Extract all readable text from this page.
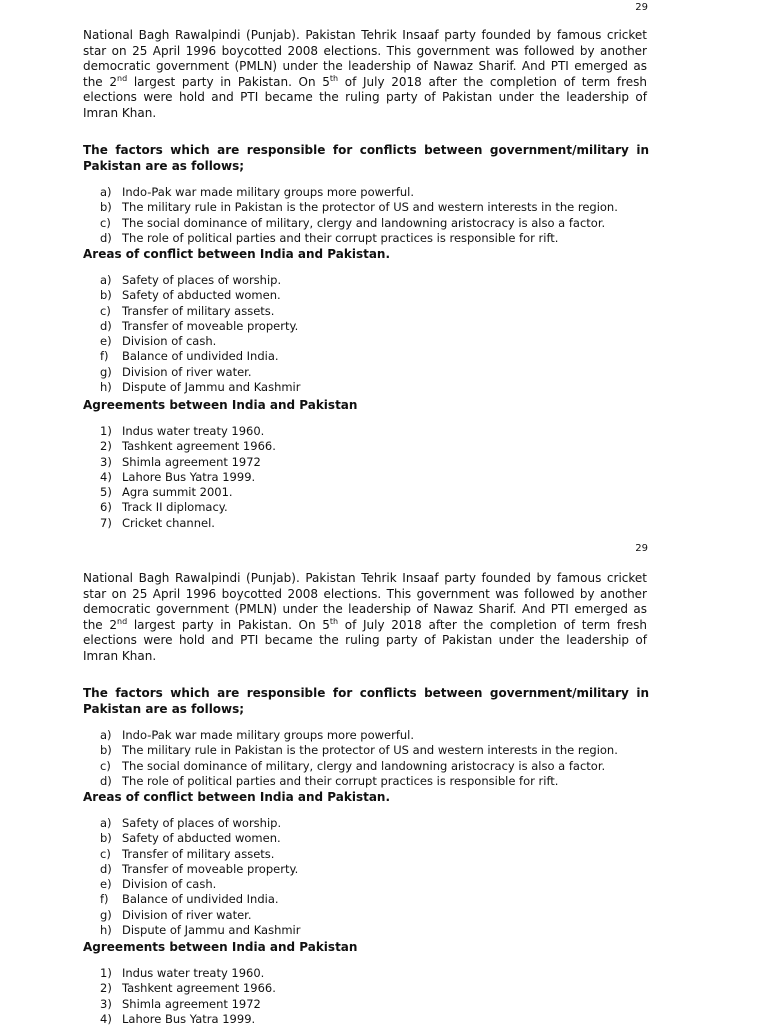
29

National Bagh Rawalpindi (Punjab). Pakistan Tehrik Insaaf party founded by famous cricket star on 25 April 1996 boycotted 2008 elections. This government was followed by another democratic government (PMLN) under the leadership of Nawaz Sharif. And PTI emerged as the 2nd largest party in Pakistan. On 5th of July 2018 after the completion of term fresh elections were hold and PTI became the ruling party of Pakistan under the leadership of Imran Khan.

The factors which are responsible for conflicts between government/military in Pakistan are as follows;
a) Indo-Pak war made military groups more powerful.
b) The military rule in Pakistan is the protector of US and western interests in the region.
c) The social dominance of military, clergy and landowning aristocracy is also a factor.
d) The role of political parties and their corrupt practices is responsible for rift.
Areas of conflict between India and Pakistan.
a) Safety of places of worship.
b) Safety of abducted women.
c) Transfer of military assets.
d) Transfer of moveable property.
e) Division of cash.
f) Balance of undivided India.
g) Division of river water.
h) Dispute of Jammu and Kashmir
Agreements between India and Pakistan
1) Indus water treaty 1960.
2) Tashkent agreement 1966.
3) Shimla agreement 1972
4) Lahore Bus Yatra 1999.
5) Agra summit 2001.
6) Track II diplomacy.
7) Cricket channel.
29

National Bagh Rawalpindi (Punjab). Pakistan Tehrik Insaaf party founded by famous cricket star on 25 April 1996 boycotted 2008 elections. This government was followed by another democratic government (PMLN) under the leadership of Nawaz Sharif. And PTI emerged as the 2nd largest party in Pakistan. On 5th of July 2018 after the completion of term fresh elections were hold and PTI became the ruling party of Pakistan under the leadership of Imran Khan.

The factors which are responsible for conflicts between government/military in Pakistan are as follows;
a) Indo-Pak war made military groups more powerful.
b) The military rule in Pakistan is the protector of US and western interests in the region.
c) The social dominance of military, clergy and landowning aristocracy is also a factor.
d) The role of political parties and their corrupt practices is responsible for rift.
Areas of conflict between India and Pakistan.
a) Safety of places of worship.
b) Safety of abducted women.
c) Transfer of military assets.
d) Transfer of moveable property.
e) Division of cash.
f) Balance of undivided India.
g) Division of river water.
h) Dispute of Jammu and Kashmir
Agreements between India and Pakistan
1) Indus water treaty 1960.
2) Tashkent agreement 1966.
3) Shimla agreement 1972
4) Lahore Bus Yatra 1999.
